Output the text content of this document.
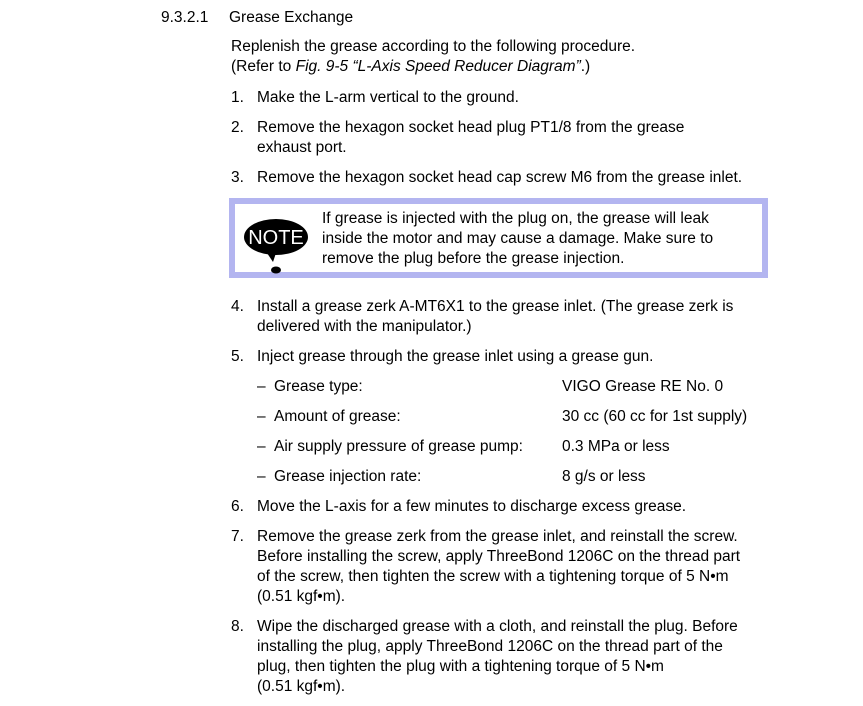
9.3.2.1 Grease Exchange
Replenish the grease according to the following procedure.
(Refer to Fig. 9-5 “L-Axis Speed Reducer Diagram”.)
1. Make the L-arm vertical to the ground.
2. Remove the hexagon socket head plug PT1/8 from the grease
exhaust port.
3. Remove the hexagon socket head cap screw M6 from the grease inlet.
NOTE
If grease is injected with the plug on, the grease will leak
inside the motor and may cause a damage. Make sure to
remove the plug before the grease injection.
4. Install a grease zerk A-MT6X1 to the grease inlet. (The grease zerk is
delivered with the manipulator.)
5. Inject grease through the grease inlet using a grease gun.
– Grease type:	VIGO Grease RE No. 0
– Amount of grease:	30 cc (60 cc for 1st supply)
– Air supply pressure of grease pump:	0.3 MPa or less
– Grease injection rate:	8 g/s or less
6. Move the L-axis for a few minutes to discharge excess grease.
7. Remove the grease zerk from the grease inlet, and reinstall the screw.
Before installing the screw, apply ThreeBond 1206C on the thread part
of the screw, then tighten the screw with a tightening torque of 5 N•m
(0.51 kgf•m).
8. Wipe the discharged grease with a cloth, and reinstall the plug. Before
installing the plug, apply ThreeBond 1206C on the thread part of the
plug, then tighten the plug with a tightening torque of 5 N•m
(0.51 kgf•m).
